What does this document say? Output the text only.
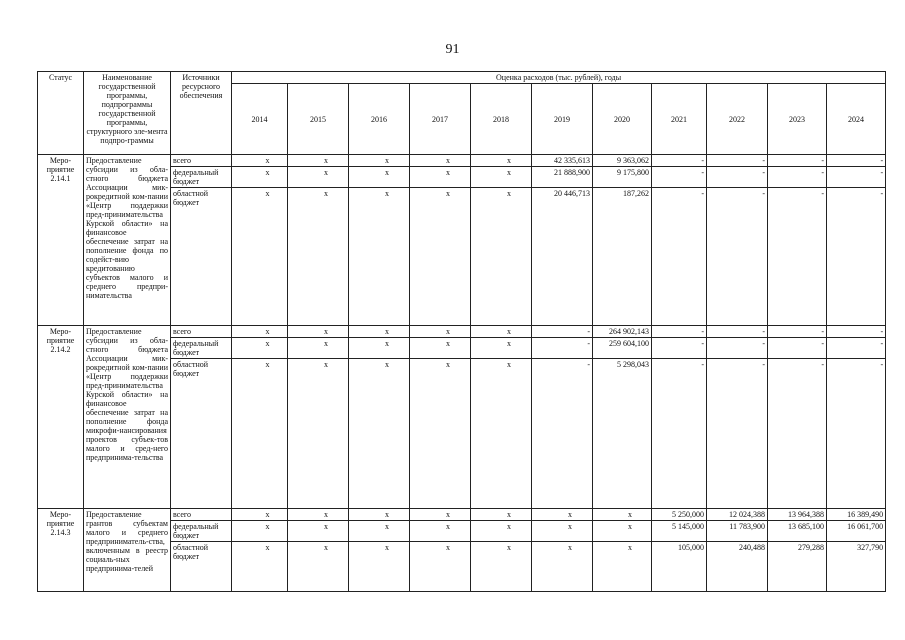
91
Статус	Наименование государственной программы, подпрограммы государственной программы, структурного эле-мента подпро-граммы	Источники ресурсного обеспечения	Оценка расходов (тыс. рублей), годы										
			2014	2015	2016	2017	2018	2019	2020	2021	2022	2023	2024
Меро-приятие 2.14.1	Предоставление субсидии из обла-стного бюджета Ассоциации мик-рокредитной ком-пании «Центр поддержки пред-принимательства Курской области» на финансовое обеспечение затрат на пополнение фонда по содейст-вию кредитованию субъектов малого и среднего предпри-нимательства	всего	x	x	x	x	x	42 335,613	9 363,062	-	-	-	-
		федеральный бюджет	x	x	x	x	x	21 888,900	9 175,800	-	-	-	-
		областной бюджет	x	x	x	x	x	20 446,713	187,262	-	-	-	-
Меро-приятие 2.14.2	Предоставление субсидии из обла-стного бюджета Ассоциации мик-рокредитной ком-пании «Центр поддержки пред-принимательства Курской области» на финансовое обеспечение затрат на пополнение фонда микрофи-нансирования проектов субъек-тов малого и сред-него предпринима-тельства	всего	x	x	x	x	x	-	264 902,143	-	-	-	-
		федеральный бюджет	x	x	x	x	x	-	259 604,100	-	-	-	-
		областной бюджет	x	x	x	x	x	-	5 298,043	-	-	-	-
Меро-приятие 2.14.3	Предоставление грантов субъектам малого и среднего предприниматель-ства, включенным в реестр социаль-ных предпринима-телей	всего	x	x	x	x	x	x	x	5 250,000	12 024,388	13 964,388	16 389,490
		федеральный бюджет	x	x	x	x	x	x	x	5 145,000	11 783,900	13 685,100	16 061,700
		областной бюджет	x	x	x	x	x	x	x	105,000	240,488	279,288	327,790
